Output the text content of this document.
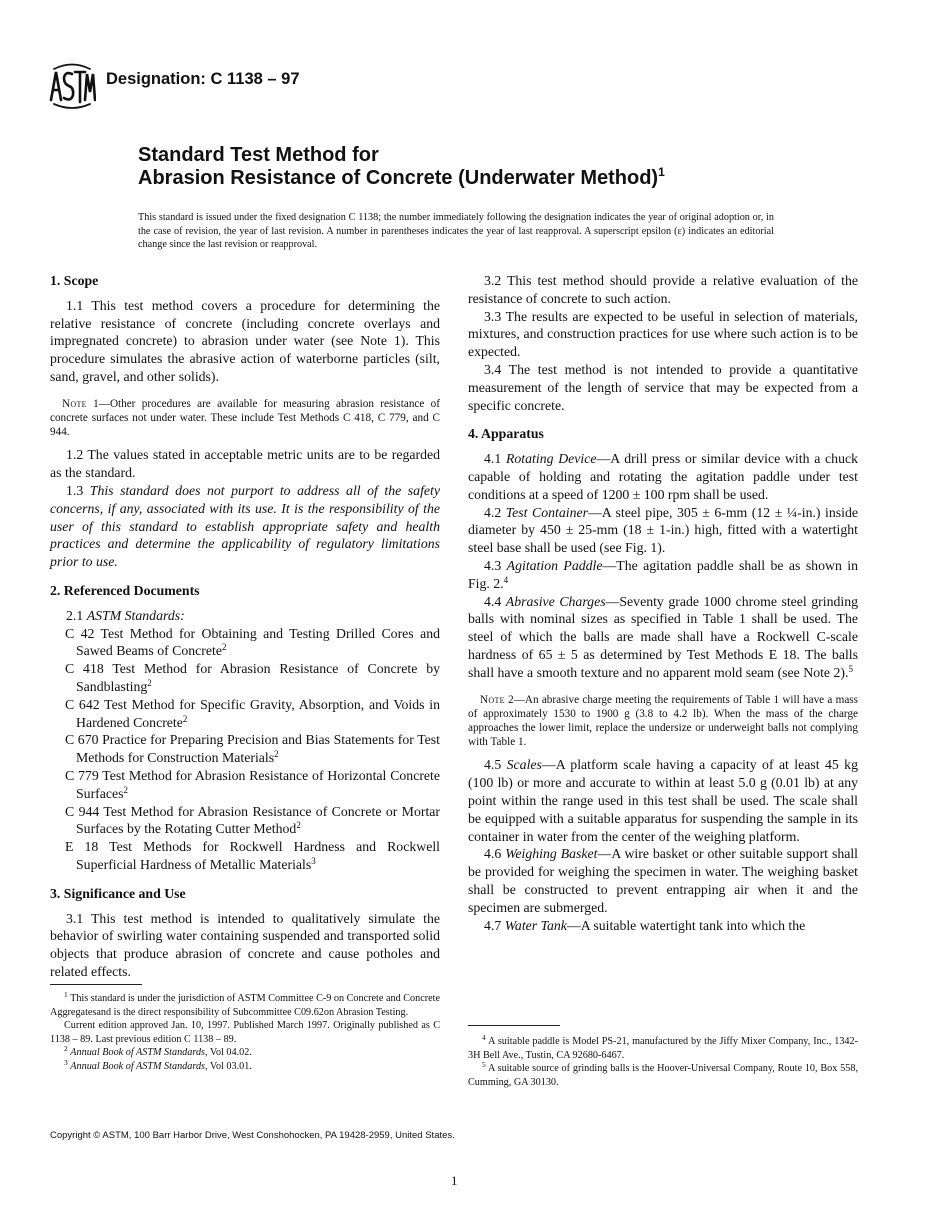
Designation: C 1138 – 97
Standard Test Method for
Abrasion Resistance of Concrete (Underwater Method)$^1$
This standard is issued under the fixed designation C 1138; the number immediately following the designation indicates the year of original adoption or, in the case of revision, the year of last revision. A number in parentheses indicates the year of last reapproval. A superscript epsilon (ε) indicates an editorial change since the last revision or reapproval.
1. Scope

1.1 This test method covers a procedure for determining the relative resistance of concrete (including concrete overlays and impregnated concrete) to abrasion under water (see Note 1). This procedure simulates the abrasive action of waterborne particles (silt, sand, gravel, and other solids).

Note 1—Other procedures are available for measuring abrasion resistance of concrete surfaces not under water. These include Test Methods C 418, C 779, and C 944.

1.2 The values stated in acceptable metric units are to be regarded as the standard.

1.3 This standard does not purport to address all of the safety concerns, if any, associated with its use. It is the responsibility of the user of this standard to establish appropriate safety and health practices and determine the applicability of regulatory limitations prior to use.

2. Referenced Documents

2.1 ASTM Standards:

C 42 Test Method for Obtaining and Testing Drilled Cores and Sawed Beams of Concrete$^2$

C 418 Test Method for Abrasion Resistance of Concrete by Sandblasting$^2$

C 642 Test Method for Specific Gravity, Absorption, and Voids in Hardened Concrete$^2$

C 670 Practice for Preparing Precision and Bias Statements for Test Methods for Construction Materials$^2$

C 779 Test Method for Abrasion Resistance of Horizontal Concrete Surfaces$^2$

C 944 Test Method for Abrasion Resistance of Concrete or Mortar Surfaces by the Rotating Cutter Method$^2$

E 18 Test Methods for Rockwell Hardness and Rockwell Superficial Hardness of Metallic Materials$^3$

3. Significance and Use

3.1 This test method is intended to qualitatively simulate the behavior of swirling water containing suspended and transported solid objects that produce abrasion of concrete and cause potholes and related effects.

$^1$ This standard is under the jurisdiction of ASTM Committee C-9 on Concrete and Concrete Aggregatesand is the direct responsibility of Subcommittee C09.62on Abrasion Testing.

Current edition approved Jan. 10, 1997. Published March 1997. Originally published as C 1138 – 89. Last previous edition C 1138 – 89.

$^2$ Annual Book of ASTM Standards, Vol 04.02.

$^3$ Annual Book of ASTM Standards, Vol 03.01.

3.2 This test method should provide a relative evaluation of the resistance of concrete to such action.

3.3 The results are expected to be useful in selection of materials, mixtures, and construction practices for use where such action is to be expected.

3.4 The test method is not intended to provide a quantitative measurement of the length of service that may be expected from a specific concrete.

4. Apparatus

4.1 Rotating Device—A drill press or similar device with a chuck capable of holding and rotating the agitation paddle under test conditions at a speed of 1200 ± 100 rpm shall be used.

4.2 Test Container—A steel pipe, 305 ± 6-mm (12 ± ¼-in.) inside diameter by 450 ± 25-mm (18 ± 1-in.) high, fitted with a watertight steel base shall be used (see Fig. 1).

4.3 Agitation Paddle—The agitation paddle shall be as shown in Fig. 2.$^4$

4.4 Abrasive Charges—Seventy grade 1000 chrome steel grinding balls with nominal sizes as specified in Table 1 shall be used. The steel of which the balls are made shall have a Rockwell C-scale hardness of 65 ± 5 as determined by Test Methods E 18. The balls shall have a smooth texture and no apparent mold seam (see Note 2).$^5$

Note 2—An abrasive charge meeting the requirements of Table 1 will have a mass of approximately 1530 to 1900 g (3.8 to 4.2 lb). When the mass of the charge approaches the lower limit, replace the undersize or underweight balls not complying with Table 1.

4.5 Scales—A platform scale having a capacity of at least 45 kg (100 lb) or more and accurate to within at least 5.0 g (0.01 lb) at any point within the range used in this test shall be used. The scale shall be equipped with a suitable apparatus for suspending the sample in its container in water from the center of the weighing platform.

4.6 Weighing Basket—A wire basket or other suitable support shall be provided for weighing the specimen in water. The weighing basket shall be constructed to prevent entrapping air when it and the specimen are submerged.

4.7 Water Tank—A suitable watertight tank into which the

$^4$ A suitable paddle is Model PS-21, manufactured by the Jiffy Mixer Company, Inc., 1342-3H Bell Ave., Tustin, CA 92680-6467.

$^5$ A suitable source of grinding balls is the Hoover-Universal Company, Route 10, Box 558, Cumming, GA 30130.

Copyright © ASTM, 100 Barr Harbor Drive, West Conshohocken, PA 19428-2959, United States.
1
